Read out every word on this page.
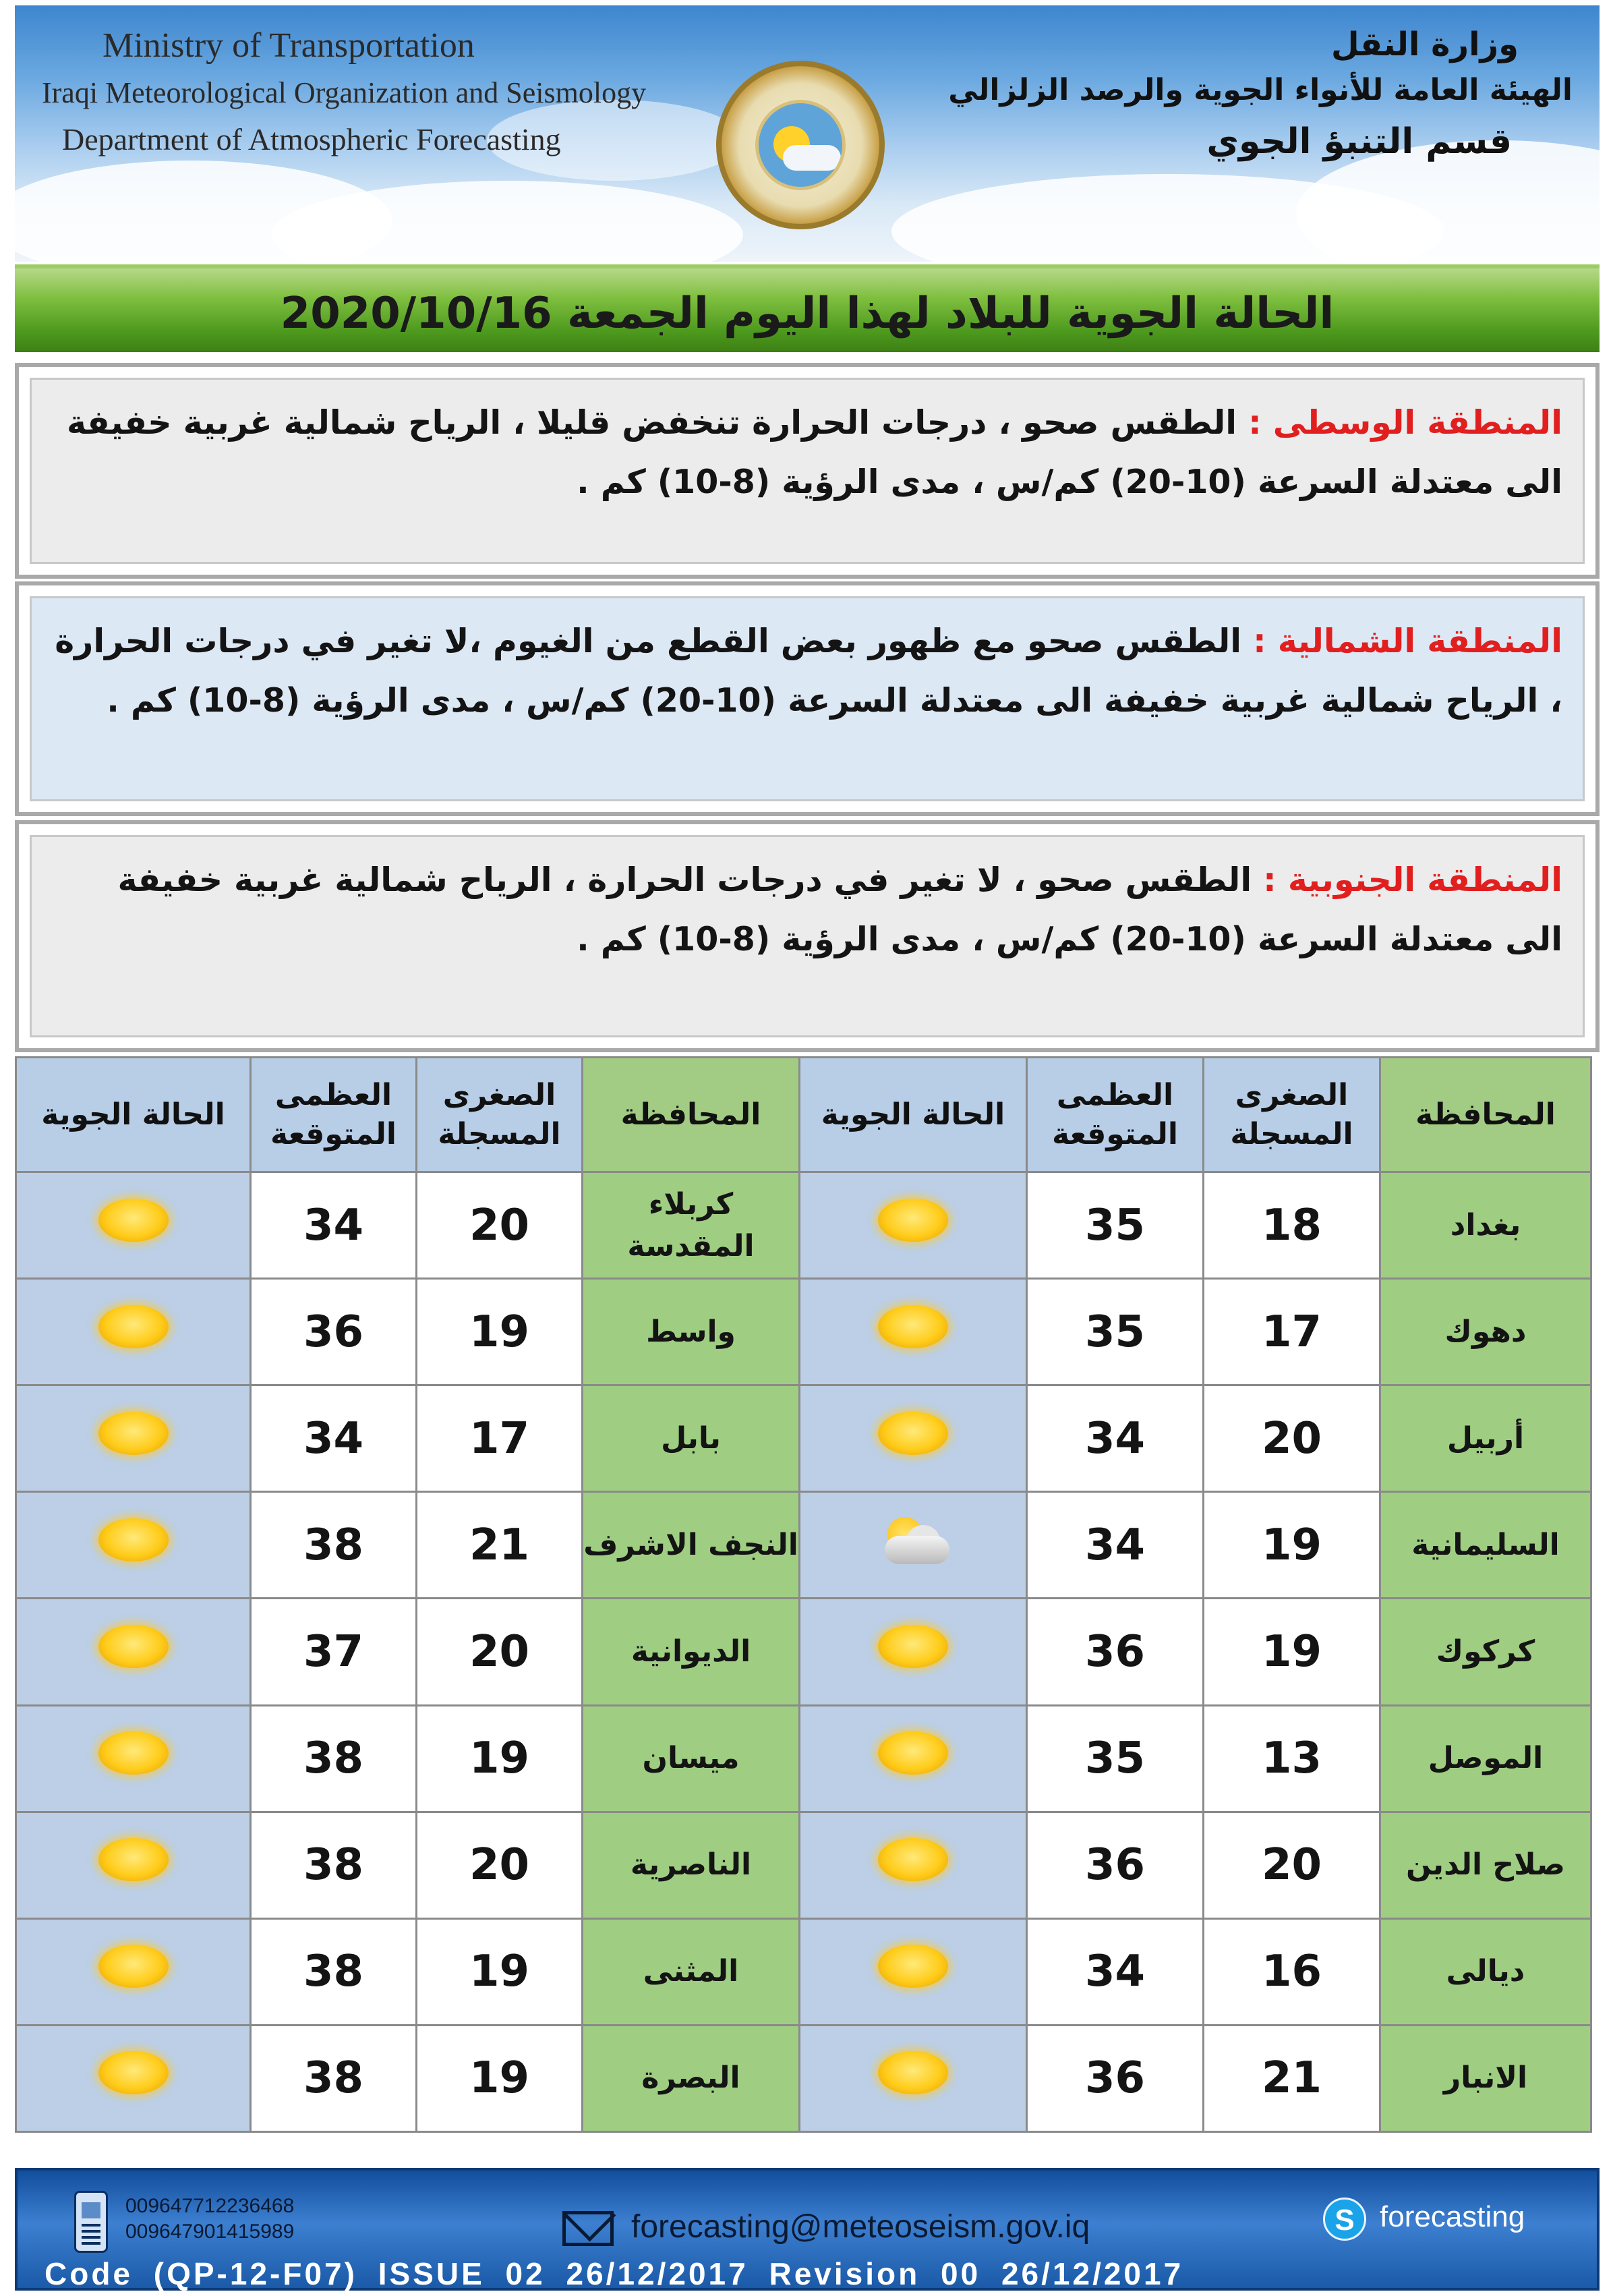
Ministry of Transportation
Iraqi Meteorological Organization and Seismology
Department of Atmospheric Forecasting
وزارة النقل
الهيئة العامة للأنواء الجوية والرصد الزلزالي
قسم التنبؤ الجوي
الحالة الجوية للبلاد لهذا اليوم الجمعة 2020/10/16
المنطقة الوسطى : الطقس صحو ، درجات الحرارة تنخفض قليلا ، الرياح شمالية غربية خفيفة الى معتدلة السرعة (10-20) كم/س ، مدى الرؤية (8-10) كم .
المنطقة الشمالية : الطقس صحو مع ظهور بعض القطع من الغيوم ،لا تغير في درجات الحرارة ، الرياح شمالية غربية خفيفة الى معتدلة السرعة (10-20) كم/س ، مدى الرؤية (8-10) كم .
المنطقة الجنوبية : الطقس صحو ، لا تغير في درجات الحرارة ، الرياح شمالية غربية خفيفة الى معتدلة السرعة (10-20) كم/س ، مدى الرؤية (8-10) كم .
المحافظة	الصغرى المسجلة	العظمى المتوقعة	الحالة الجوية	المحافظة	الصغرى المسجلة	العظمى المتوقعة	الحالة الجوية
بغداد	18	35		كربلاء المقدسة	20	34	
دهوك	17	35		واسط	19	36	
أربيل	20	34		بابل	17	34	
السليمانية	19	34		النجف الاشرف	21	38	
كركوك	19	36		الديوانية	20	37	
الموصل	13	35		ميسان	19	38	
صلاح الدين	20	36		الناصرية	20	38	
ديالى	16	34		المثنى	19	38	
الانبار	21	36		البصرة	19	38	
009647712236468
009647901415989	forecasting@meteoseism.gov.iq	S forecasting
Code (QP-12-F07) ISSUE 02 26/12/2017 Revision 00 26/12/2017
